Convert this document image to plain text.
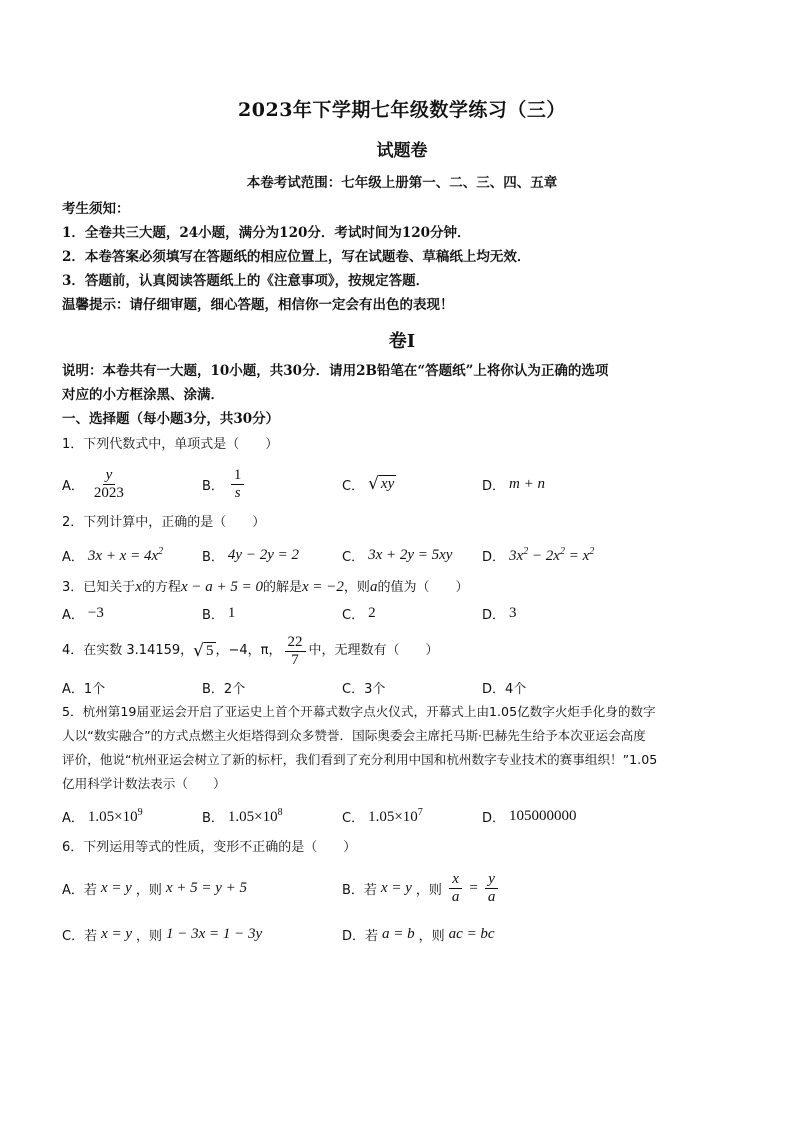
2023年下学期七年级数学练习（三）
试题卷
本卷考试范围：七年级上册第一、二、三、四、五章
考生须知：
1．全卷共三大题，24小题，满分为120分．考试时间为120分钟．
2．本卷答案必须填写在答题纸的相应位置上，写在试题卷、草稿纸上均无效．
3．答题前，认真阅读答题纸上的《注意事项》，按规定答题．
温馨提示：请仔细审题，细心答题，相信你一定会有出色的表现！
卷Ⅰ
说明：本卷共有一大题，10小题，共30分．请用2B铅笔在“答题纸”上将你认为正确的选项
对应的小方框涂黑、涂满．
一、选择题（每小题3分，共30分）
1．下列代数式中，单项式是（　　）
A． $\frac{y}{2023}$	B． $\frac{1}{s}$	C． √ xy	D． m + n
2．下列计算中，正确的是（　　）
A． $3x + x = 4x^2$	B． 4y − 2y = 2	C． 3x + 2y = 5xy D． $3x^2 - 2x^2 = x^2$
3．已知关于x的方程x − a + 5 = 0的解是x = −2，则a的值为（　　）
A． −3	B． 1	C． 2	D． 3
4．在实数 3.14159， √ 5 ，−4，π， $\frac{22}{7}$ 中，无理数有（　　）
A．1个	B．2个	C．3个	D．4个
5．杭州第19届亚运会开启了亚运史上首个开幕式数字点火仪式，开幕式上由1.05亿数字火炬手化身的数字
人以“数实融合”的方式点燃主火炬塔得到众多赞誉．国际奥委会主席托马斯·巴赫先生给予本次亚运会高度
评价，他说“杭州亚运会树立了新的标杆，我们看到了充分利用中国和杭州数字专业技术的赛事组织！”1.05
亿用科学计数法表示（　　）
A． $1.05\times 10^9$	B． $1.05\times 10^8$	C． $1.05\times 10^7$	D． 105000000
6．下列运用等式的性质，变形不正确的是（　　）
A．若 x = y ，则 x + 5 = y + 5	B．若 x = y ，则 $\frac{x}{a} = \frac{y}{a}$
C．若 x = y ，则 1 − 3x = 1 − 3y	D．若 a = b ，则 ac = bc
